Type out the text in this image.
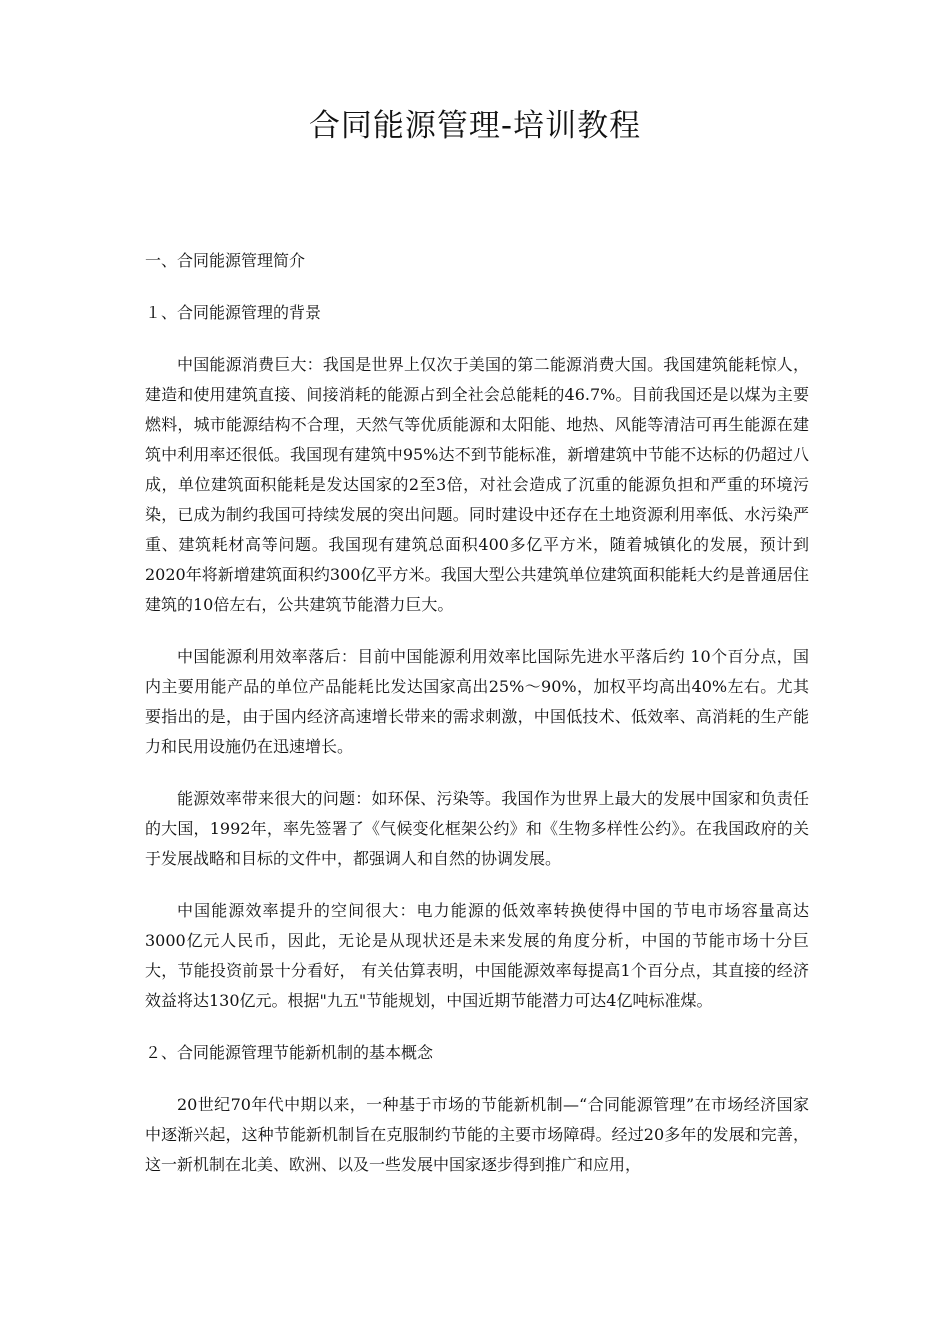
合同能源管理-培训教程

一、合同能源管理简介

１、合同能源管理的背景

中国能源消费巨大：我国是世界上仅次于美国的第二能源消费大国。我国建筑能耗惊人，建造和使用建筑直接、间接消耗的能源占到全社会总能耗的46.7%。目前我国还是以煤为主要燃料，城市能源结构不合理，天然气等优质能源和太阳能、地热、风能等清洁可再生能源在建筑中利用率还很低。我国现有建筑中95%达不到节能标准，新增建筑中节能不达标的仍超过八成，单位建筑面积能耗是发达国家的2至3倍，对社会造成了沉重的能源负担和严重的环境污染，已成为制约我国可持续发展的突出问题。同时建设中还存在土地资源利用率低、水污染严重、建筑耗材高等问题。我国现有建筑总面积400多亿平方米，随着城镇化的发展，预计到2020年将新增建筑面积约300亿平方米。我国大型公共建筑单位建筑面积能耗大约是普通居住建筑的10倍左右，公共建筑节能潜力巨大。

中国能源利用效率落后：目前中国能源利用效率比国际先进水平落后约 10个百分点，国内主要用能产品的单位产品能耗比发达国家高出25%～90%，加权平均高出40%左右。尤其要指出的是，由于国内经济高速增长带来的需求刺激，中国低技术、低效率、高消耗的生产能力和民用设施仍在迅速增长。

能源效率带来很大的问题：如环保、污染等。我国作为世界上最大的发展中国家和负责任的大国，1992年，率先签署了《气候变化框架公约》和《生物多样性公约》。在我国政府的关于发展战略和目标的文件中，都强调人和自然的协调发展。

中国能源效率提升的空间很大：电力能源的低效率转换使得中国的节电市场容量高达3000亿元人民币，因此，无论是从现状还是未来发展的角度分析，中国的节能市场十分巨大，节能投资前景十分看好， 有关估算表明，中国能源效率每提高1个百分点，其直接的经济效益将达130亿元。根据"九五"节能规划，中国近期节能潜力可达4亿吨标准煤。

２、合同能源管理节能新机制的基本概念

20世纪70年代中期以来，一种基于市场的节能新机制—“合同能源管理”在市场经济国家中逐渐兴起，这种节能新机制旨在克服制约节能的主要市场障碍。经过20多年的发展和完善，这一新机制在北美、欧洲、以及一些发展中国家逐步得到推广和应用，
